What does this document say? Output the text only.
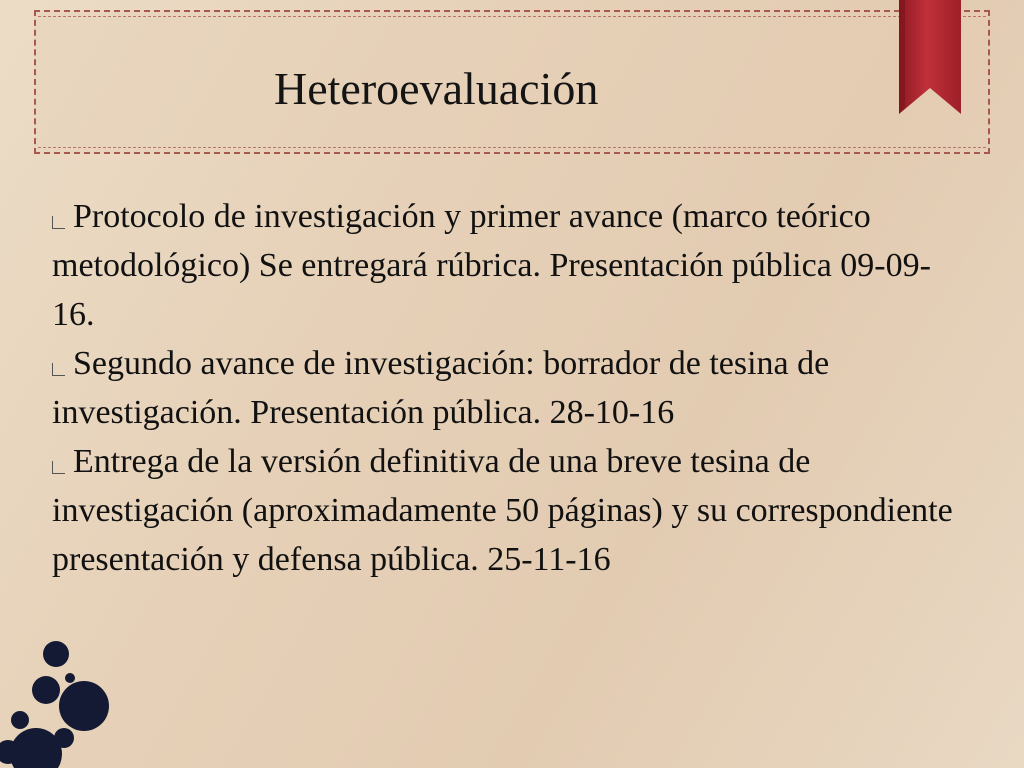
Heteroevaluación

Protocolo de investigación y primer avance (marco teórico metodológico) Se entregará rúbrica. Presentación pública 09-09-16.

Segundo avance de investigación: borrador de tesina de investigación. Presentación pública. 28-10-16

Entrega de la versión definitiva de una breve tesina de investigación (aproximadamente 50 páginas) y su correspondiente presentación y defensa pública. 25-11-16
